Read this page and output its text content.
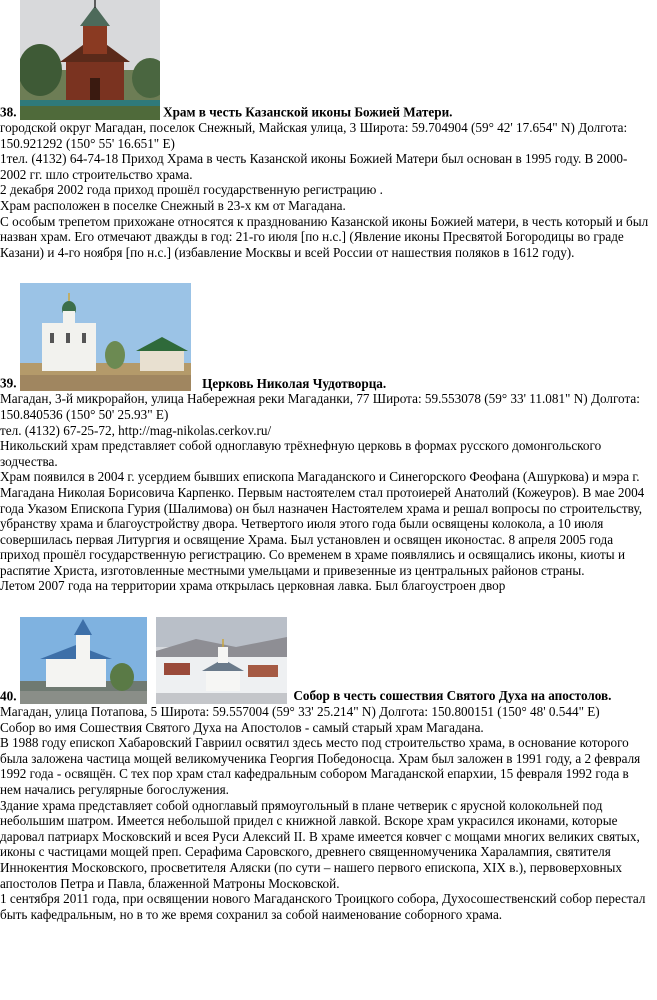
38.	Храм в честь Казанской иконы Божией Матери.
городской округ Магадан, поселок Снежный, Майская улица, 3 Широта: 59.704904 (59° 42' 17.654" N) Долгота: 150.921292 (150° 55' 16.651" E)

1тел. (4132) 64-74-18 Приход Храма в честь Казанской иконы Божией Матери был основан в 1995 году. В 2000-2002 гг. шло строительство храма.

2 декабря 2002 года приход прошёл государственную регистрацию .

Храм расположен в поселке Снежный в 23-х км от Магадана.

С особым трепетом прихожане относятся к празднованию Казанской иконы Божией матери, в честь который и был назван храм. Его отмечают дважды в год: 21-го июля [по н.с.] (Явление иконы Пресвятой Богородицы во граде Казани) и 4-го ноября [по н.с.] (избавление Москвы и всей России от нашествия поляков в 1612 году).

39.	Церковь Николая Чудотворца.
Магадан, 3-й микрорайон, улица Набережная реки Магаданки, 77 Широта: 59.553078 (59° 33' 11.081" N) Долгота: 150.840536 (150° 50' 25.93" E)

тел. (4132) 67-25-72, http://mag-nikolas.cerkov.ru/

Никольский храм представляет собой одноглавую трёхнефную церковь в формах русского домонгольского зодчества.

Храм появился в 2004 г. усердием бывших епископа Магаданского и Синегорского Феофана (Ашуркова) и мэра г. Магадана Николая Борисовича Карпенко. Первым настоятелем стал протоиерей Анатолий (Кожеуров). В мае 2004 года Указом Епископа Гурия (Шалимова) он был назначен Настоятелем храма и решал вопросы по строительству, убранству храма и благоустройству двора. Четвертого июля этого года были освящены колокола, а 10 июля совершилась первая Литургия и освящение Храма. Был установлен и освящен иконостас. 8 апреля 2005 года приход прошёл государственную регистрацию. Со временем в храме появлялись и освящались иконы, киоты и распятие Христа, изготовленные местными умельцами и привезенные из центральных районов страны.

Летом 2007 года на территории храма открылась церковная лавка. Был благоустроен двор

40.	Собор в честь сошествия Святого Духа на апостолов.

Магадан, улица Потапова, 5 Широта: 59.557004 (59° 33' 25.214" N) Долгота: 150.800151 (150° 48' 0.544" E)

Собор во имя Сошествия Святого Духа на Апостолов - самый старый храм Магадана.

В 1988 году епископ Хабаровский Гавриил освятил здесь место под строительство храма, в основание которого была заложена частица мощей великомученика Георгия Победоносца. Храм был заложен в 1991 году, а 2 февраля 1992 года - освящён. С тех пор храм стал кафедральным собором Магаданской епархии, 15 февраля 1992 года в нем начались регулярные богослужения.

Здание храма представляет собой одноглавый прямоугольный в плане четверик с ярусной колокольней под небольшим шатром. Имеется небольшой придел с книжной лавкой. Вскоре храм украсился иконами, которые даровал патриарх Московский и всея Руси Алексий II. В храме имеется ковчег с мощами многих великих святых, иконы с частицами мощей преп. Серафима Саровского, древнего священномученика Харалампия, святителя Иннокентия Московского, просветителя Аляски (по сути – нашего первого епископа, XIX в.), первоверховных апостолов Петра и Павла, блаженной Матроны Московской.

1 сентября 2011 года, при освящении нового Магаданского Троицкого собора, Духосошественский собор перестал быть кафедральным, но в то же время сохранил за собой наименование соборного храма.
